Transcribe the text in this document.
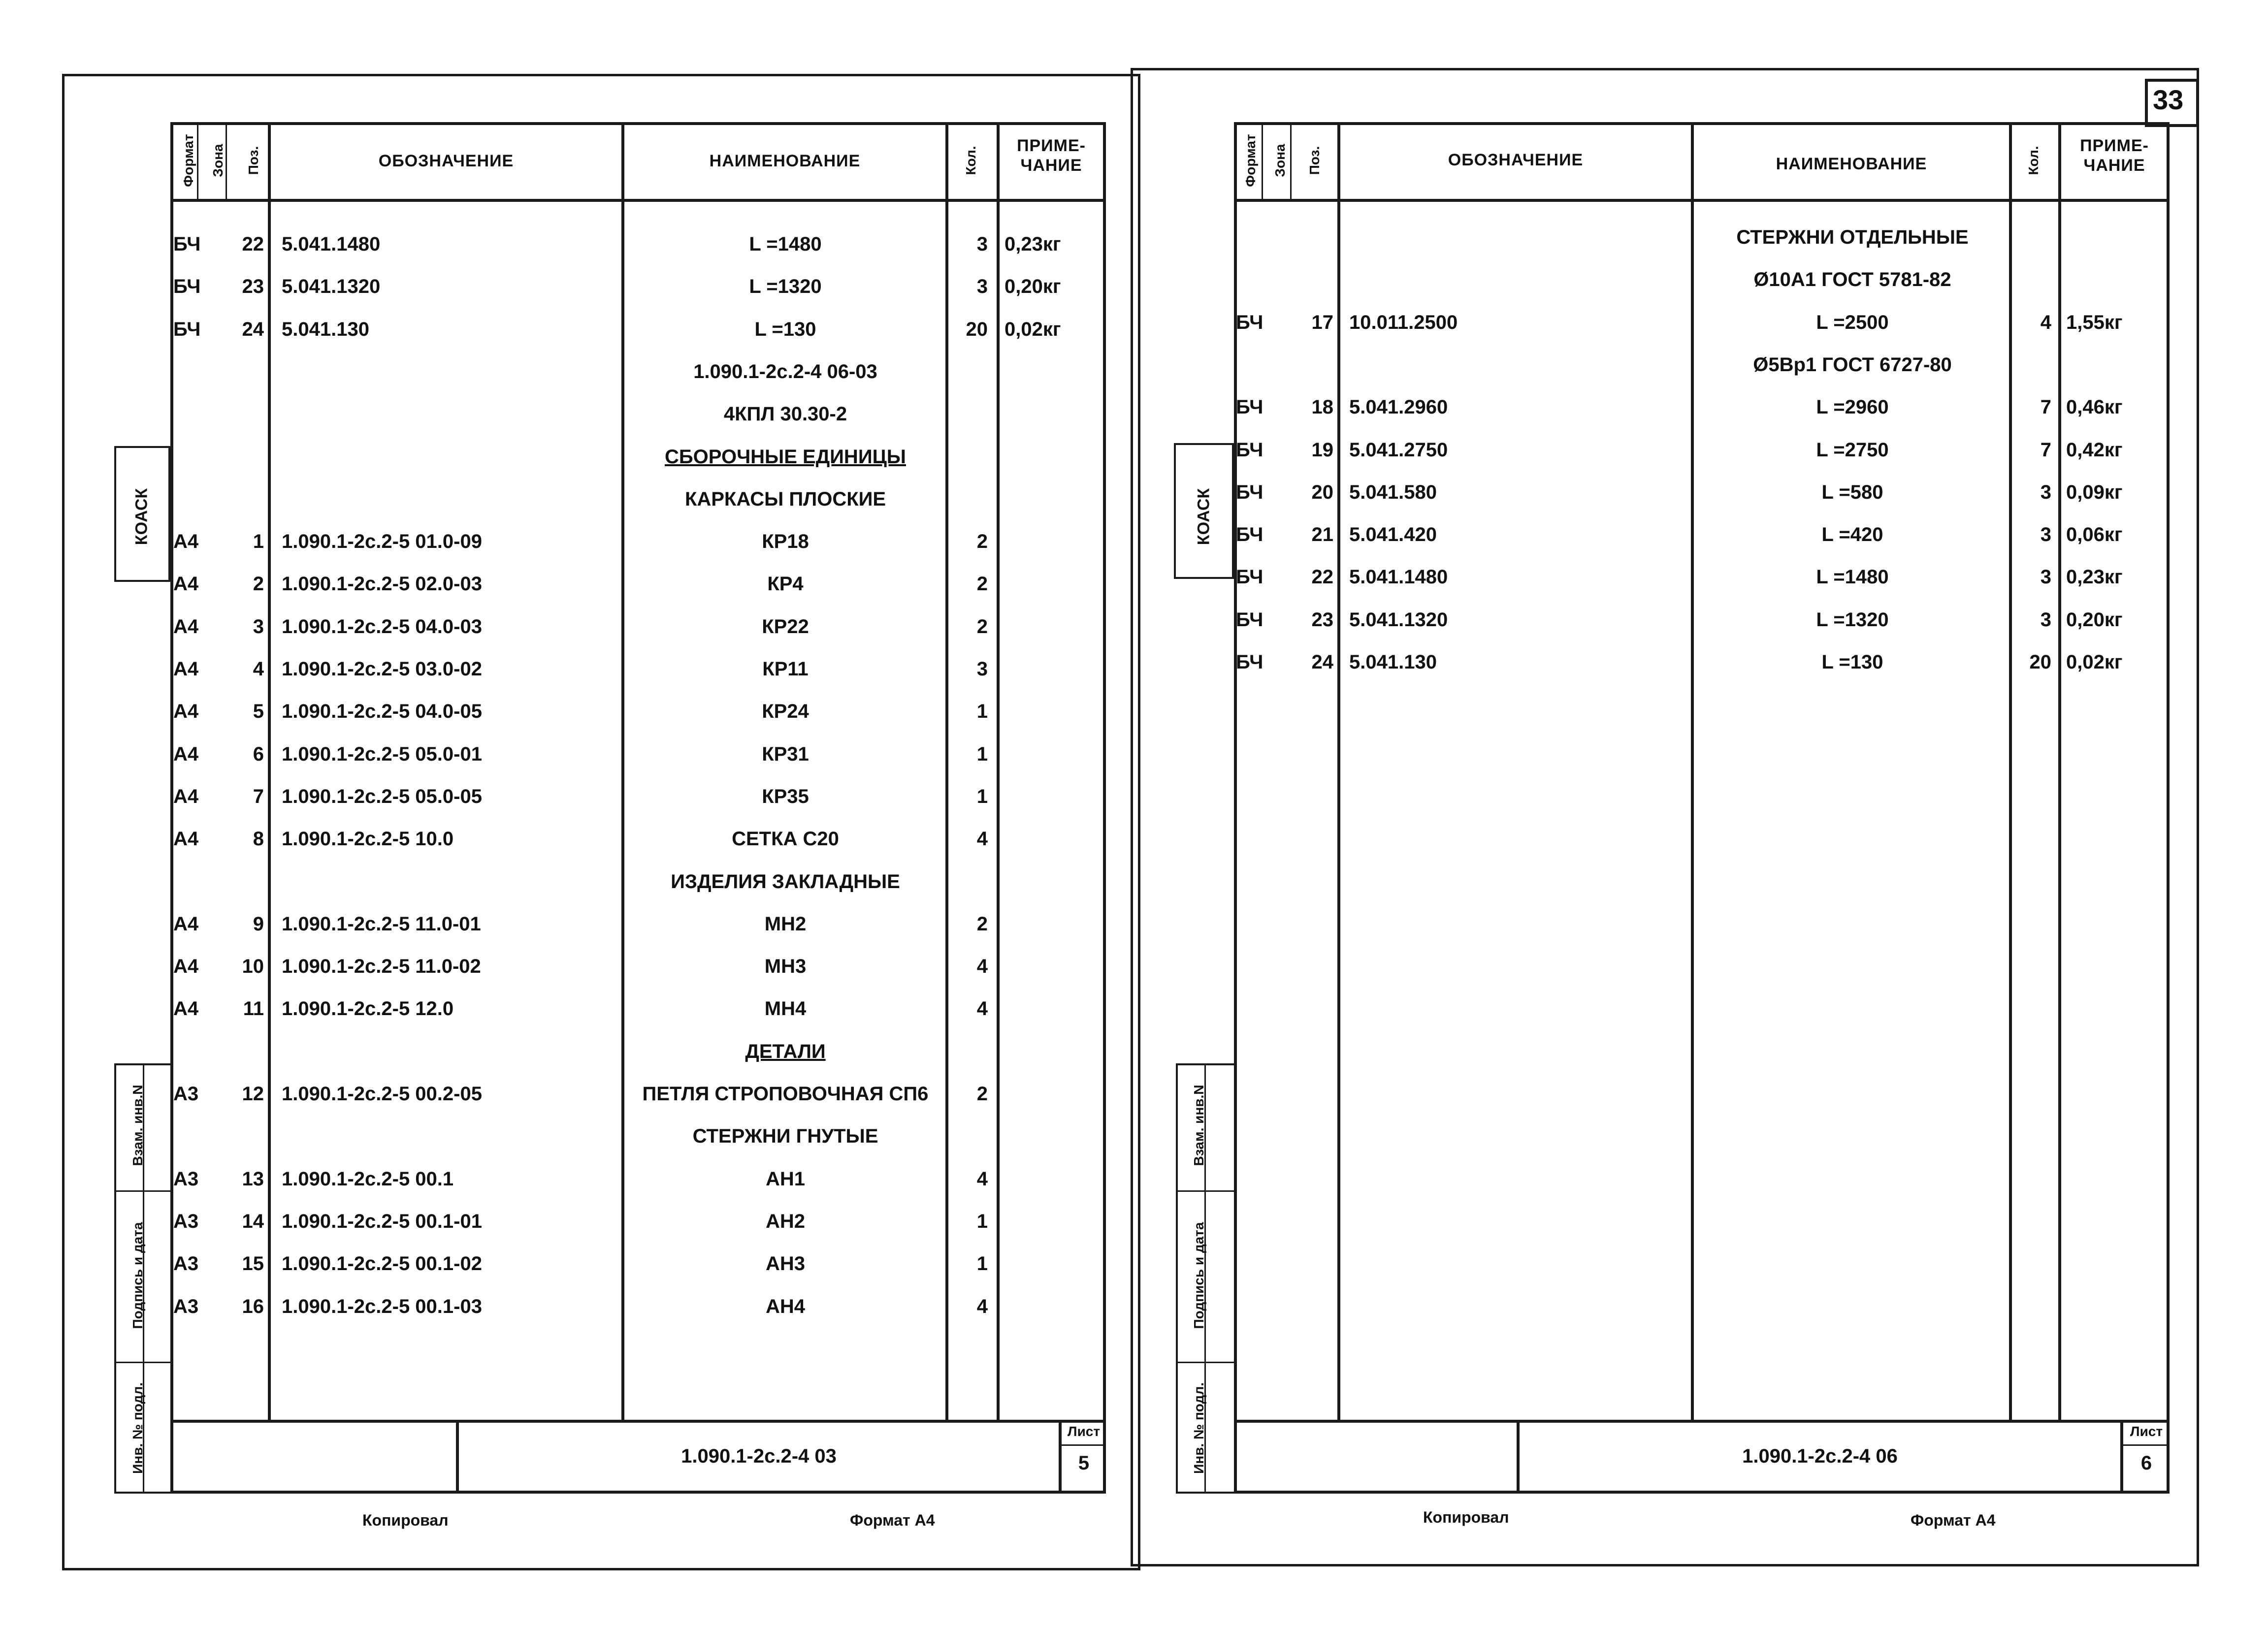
33
Формат Зона Поз.	ОБОЗНАЧЕНИЕ	НАИМЕНОВАНИЕ	Кол.
ПРИМЕ-
ЧАНИЕ
КОАСК
Взам. инв.N
Подпись и дата
Инв. № подл.
БЧ	22 5.041.1480	L =1480	3 0,23кг
БЧ	23 5.041.1320	L =1320	3 0,20кг
БЧ	24 5.041.130	L =130	20 0,02кг
1.090.1-2с.2-4 06-03
4КПЛ 30.30-2
СБОРОЧНЫЕ ЕДИНИЦЫ
КАРКАСЫ ПЛОСКИЕ
А4	1 1.090.1-2с.2-5 01.0-09	КР18	2
А4	2 1.090.1-2с.2-5 02.0-03	КР4	2
А4	3 1.090.1-2с.2-5 04.0-03	КР22	2
А4	4 1.090.1-2с.2-5 03.0-02	КР11	3
А4	5 1.090.1-2с.2-5 04.0-05	КР24	1
А4	6 1.090.1-2с.2-5 05.0-01	КР31	1
А4	7 1.090.1-2с.2-5 05.0-05	КР35	1
А4	8 1.090.1-2с.2-5 10.0	СЕТКА С20	4
ИЗДЕЛИЯ ЗАКЛАДНЫЕ
А4	9 1.090.1-2с.2-5 11.0-01	МН2	2
А4	10 1.090.1-2с.2-5 11.0-02	МН3	4
А4	11 1.090.1-2с.2-5 12.0	МН4	4
ДЕТАЛИ
А3	12 1.090.1-2с.2-5 00.2-05	ПЕТЛЯ СТРОПОВОЧНАЯ СП6	2
СТЕРЖНИ ГНУТЫЕ
А3	13 1.090.1-2с.2-5 00.1	АН1	4
А3	14 1.090.1-2с.2-5 00.1-01	АН2	1
А3	15 1.090.1-2с.2-5 00.1-02	АН3	1
А3	16 1.090.1-2с.2-5 00.1-03	АН4	4
1.090.1-2с.2-4 03
Лист
5
Копировал	Формат А4
Формат Зона Поз.	ОБОЗНАЧЕНИЕ	НАИМЕНОВАНИЕ	Кол.
ПРИМЕ-
ЧАНИЕ
КОАСК
Взам. инв.N
Подпись и дата
Инв. № подл.
СТЕРЖНИ ОТДЕЛЬНЫЕ
Ø10А1 ГОСТ 5781-82
БЧ	17 10.011.2500	L =2500	4 1,55кг
Ø5Вр1 ГОСТ 6727-80
БЧ	18 5.041.2960	L =2960	7 0,46кг
БЧ	19 5.041.2750	L =2750	7 0,42кг
БЧ	20 5.041.580	L =580	3 0,09кг
БЧ	21 5.041.420	L =420	3 0,06кг
БЧ	22 5.041.1480	L =1480	3 0,23кг
БЧ	23 5.041.1320	L =1320	3 0,20кг
БЧ	24 5.041.130	L =130	20 0,02кг
1.090.1-2с.2-4 06
Лист
6
Копировал	Формат А4
